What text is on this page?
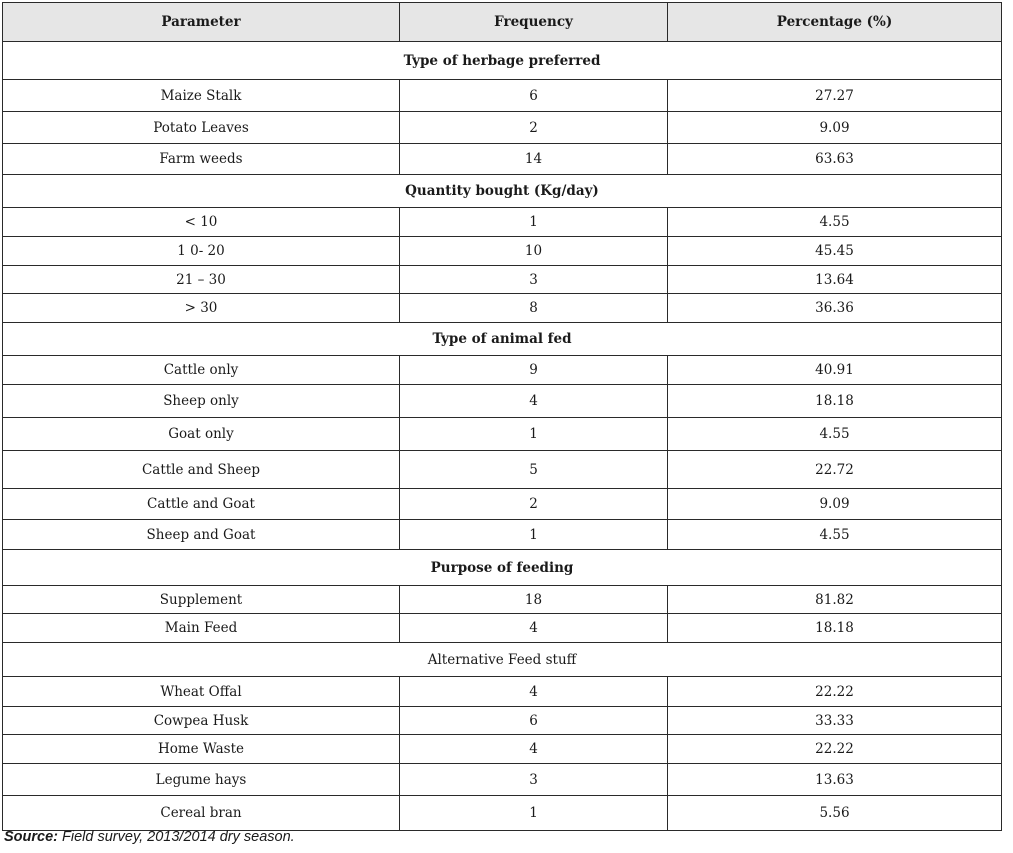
Parameter	Frequency	Percentage (%)
Type of herbage preferred		
Maize Stalk	6	27.27
Potato Leaves	2	9.09
Farm weeds	14	63.63
Quantity bought (Kg/day)		
< 10	1	4.55
1 0- 20	10	45.45
21 – 30	3	13.64
> 30	8	36.36
Type of animal fed		
Cattle only	9	40.91
Sheep only	4	18.18
Goat only	1	4.55
Cattle and Sheep	5	22.72
Cattle and Goat	2	9.09
Sheep and Goat	1	4.55
Purpose of feeding		
Supplement	18	81.82
Main Feed	4	18.18
Alternative Feed stuff		
Wheat Offal	4	22.22
Cowpea Husk	6	33.33
Home Waste	4	22.22
Legume hays	3	13.63
Cereal bran	1	5.56
Source: Field survey, 2013/2014 dry season.
